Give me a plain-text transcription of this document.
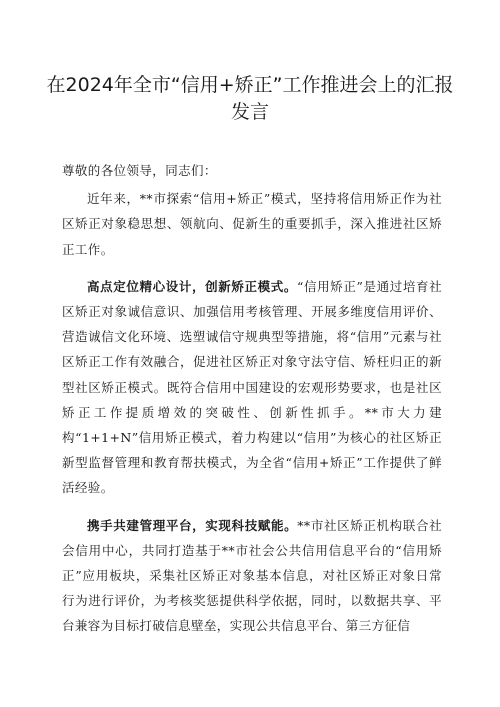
在2024年全市“信用+矫正”工作推进会上的汇报发言

尊敬的各位领导，同志们：

近年来，**市探索“信用+矫正”模式，坚持将信用矫正作为社区矫正对象稳思想、领航向、促新生的重要抓手，深入推进社区矫正工作。

高点定位精心设计，创新矫正模式。“信用矫正”是通过培育社区矫正对象诚信意识、加强信用考核管理、开展多维度信用评价、营造诚信文化环境、选塑诚信守规典型等措施，将“信用”元素与社区矫正工作有效融合，促进社区矫正对象守法守信、矫枉归正的新型社区矫正模式。既符合信用中国建设的宏观形势要求，也是社区矫正工作提质增效的突破性、创新性抓手。**市大力建构“1+1+N”信用矫正模式，着力构建以“信用”为核心的社区矫正新型监督管理和教育帮扶模式，为全省“信用+矫正”工作提供了鲜活经验。

携手共建管理平台，实现科技赋能。**市社区矫正机构联合社会信用中心，共同打造基于**市社会公共信用信息平台的“信用矫正”应用板块，采集社区矫正对象基本信息，对社区矫正对象日常行为进行评价，为考核奖惩提供科学依据，同时，以数据共享、平台兼容为目标打破信息壁垒，实现公共信息平台、第三方征信
